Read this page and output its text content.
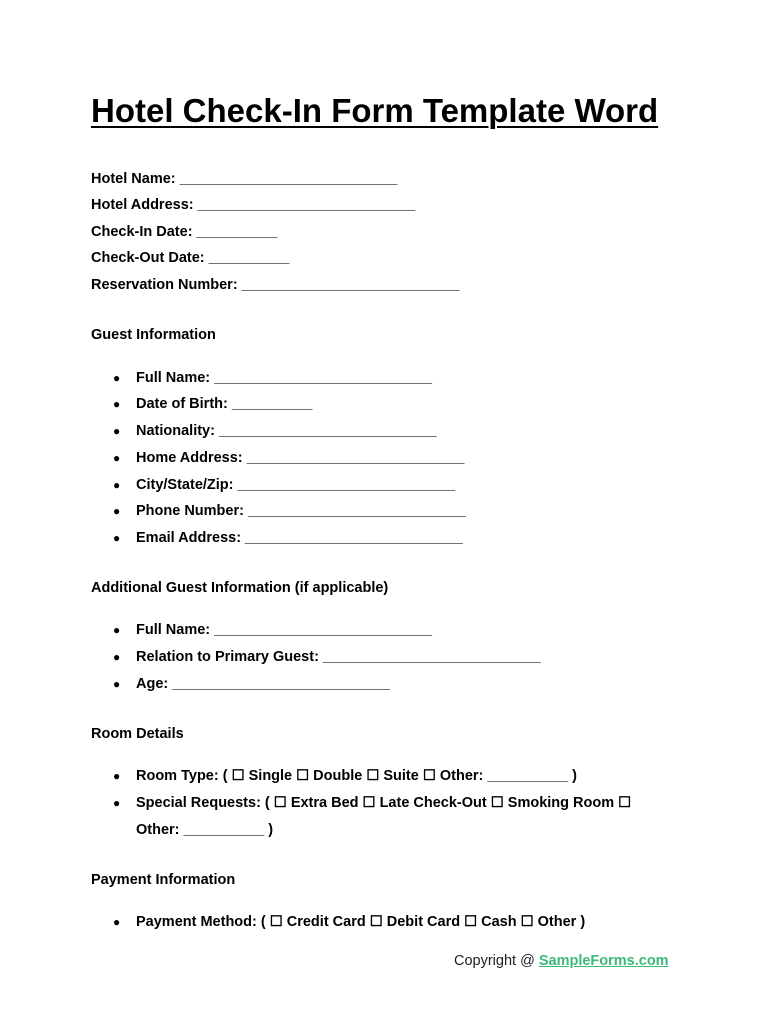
Hotel Check-In Form Template Word
Hotel Name: ___________________________
Hotel Address: ___________________________
Check-In Date: __________
Check-Out Date: __________
Reservation Number: ___________________________
Guest Information
● Full Name: ___________________________
● Date of Birth: __________
● Nationality: ___________________________
● Home Address: ___________________________
● City/State/Zip: ___________________________
● Phone Number: ___________________________
● Email Address: ___________________________
Additional Guest Information (if applicable)
● Full Name: ___________________________
● Relation to Primary Guest: ___________________________
● Age: ___________________________
Room Details
● Room Type: ( ☐ Single ☐ Double ☐ Suite ☐ Other: __________ )
● Special Requests: ( ☐ Extra Bed ☐ Late Check-Out ☐ Smoking Room ☐
Other: __________ )
Payment Information
● Payment Method: ( ☐ Credit Card ☐ Debit Card ☐ Cash ☐ Other )
Copyright @ SampleForms.com
